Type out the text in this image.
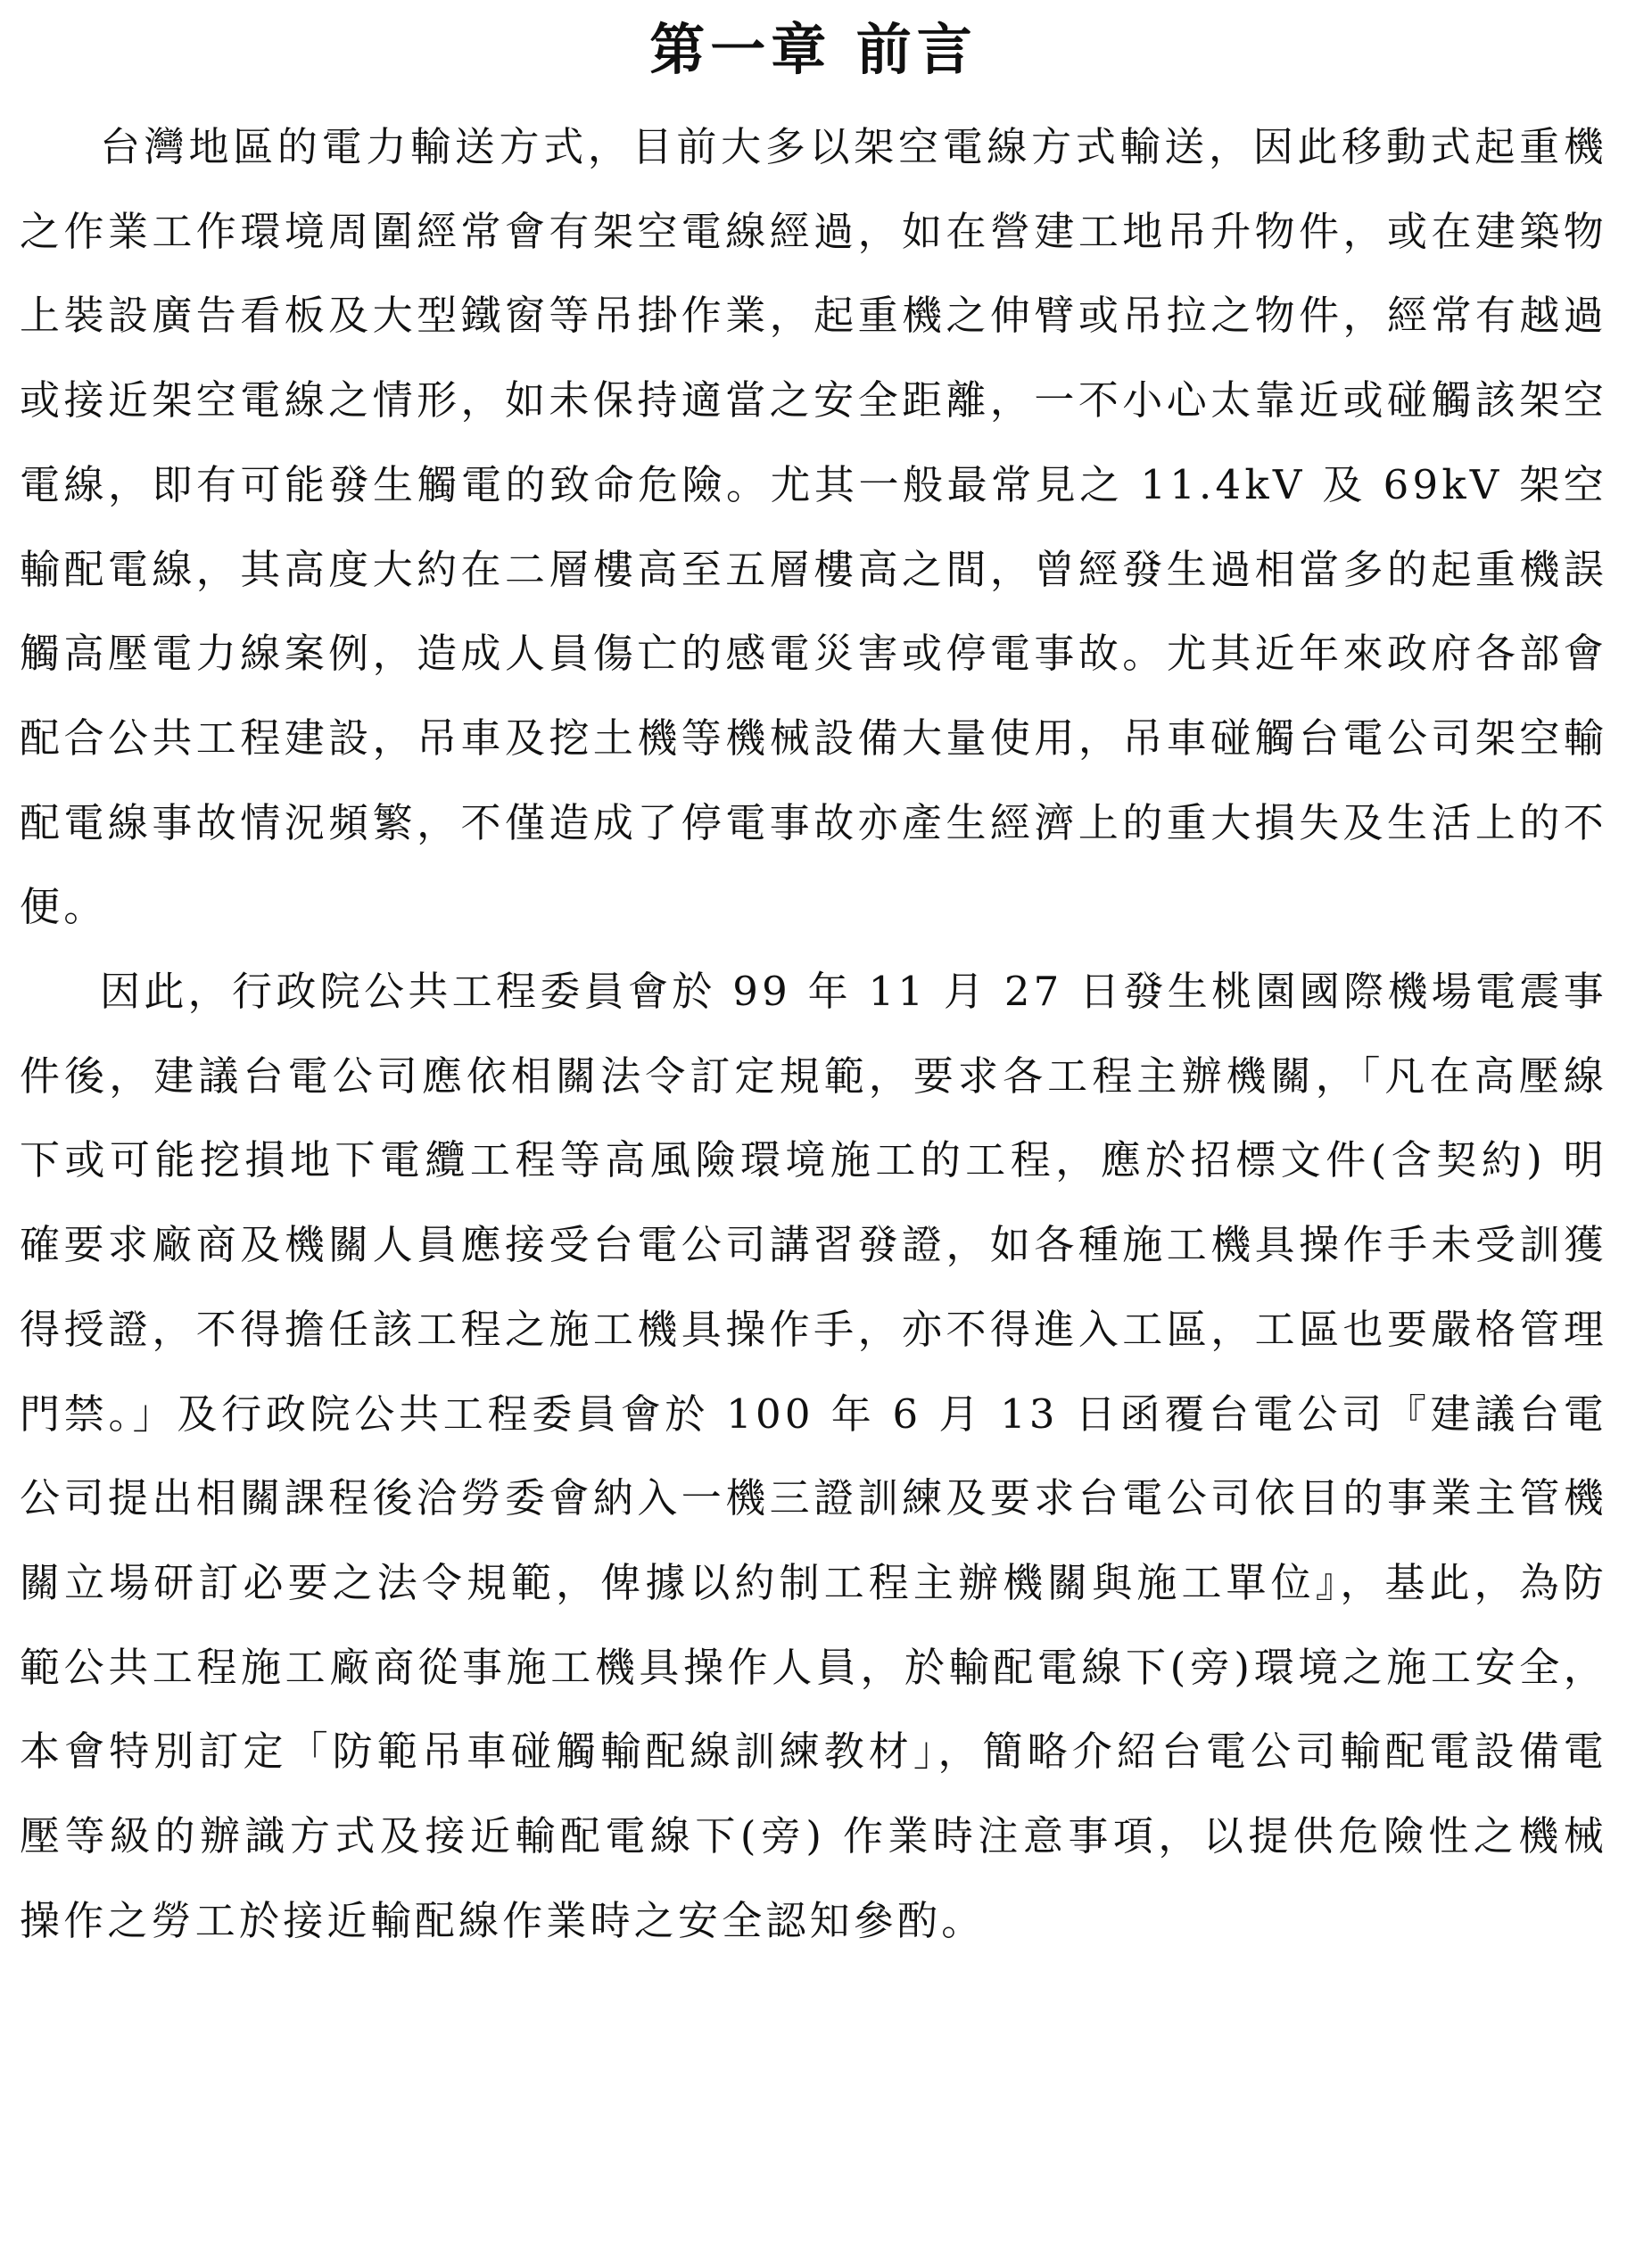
第一章 前言

台灣地區的電力輸送方式，目前大多以架空電線方式輸送，因此移動式起重機之作業工作環境周圍經常會有架空電線經過，如在營建工地吊升物件，或在建築物上裝設廣告看板及大型鐵窗等吊掛作業，起重機之伸臂或吊拉之物件，經常有越過或接近架空電線之情形，如未保持適當之安全距離，一不小心太靠近或碰觸該架空電線，即有可能發生觸電的致命危險。尤其一般最常見之 11.4kV 及 69kV 架空輸配電線，其高度大約在二層樓高至五層樓高之間，曾經發生過相當多的起重機誤觸高壓電力線案例，造成人員傷亡的感電災害或停電事故。尤其近年來政府各部會配合公共工程建設，吊車及挖土機等機械設備大量使用，吊車碰觸台電公司架空輸配電線事故情況頻繁，不僅造成了停電事故亦產生經濟上的重大損失及生活上的不便。

因此，行政院公共工程委員會於 99 年 11 月 27 日發生桃園國際機場電震事件後，建議台電公司應依相關法令訂定規範，要求各工程主辦機關，「凡在高壓線下或可能挖損地下電纜工程等高風險環境施工的工程，應於招標文件(含契約) 明確要求廠商及機關人員應接受台電公司講習發證，如各種施工機具操作手未受訓獲得授證，不得擔任該工程之施工機具操作手，亦不得進入工區，工區也要嚴格管理門禁。」及行政院公共工程委員會於 100 年 6 月 13 日函覆台電公司『建議台電公司提出相關課程後洽勞委會納入一機三證訓練及要求台電公司依目的事業主管機關立場研訂必要之法令規範，俾據以約制工程主辦機關與施工單位』，基此，為防範公共工程施工廠商從事施工機具操作人員，於輸配電線下(旁)環境之施工安全，本會特別訂定「防範吊車碰觸輸配線訓練教材」，簡略介紹台電公司輸配電設備電壓等級的辦識方式及接近輸配電線下(旁) 作業時注意事項，以提供危險性之機械操作之勞工於接近輸配線作業時之安全認知參酌。
